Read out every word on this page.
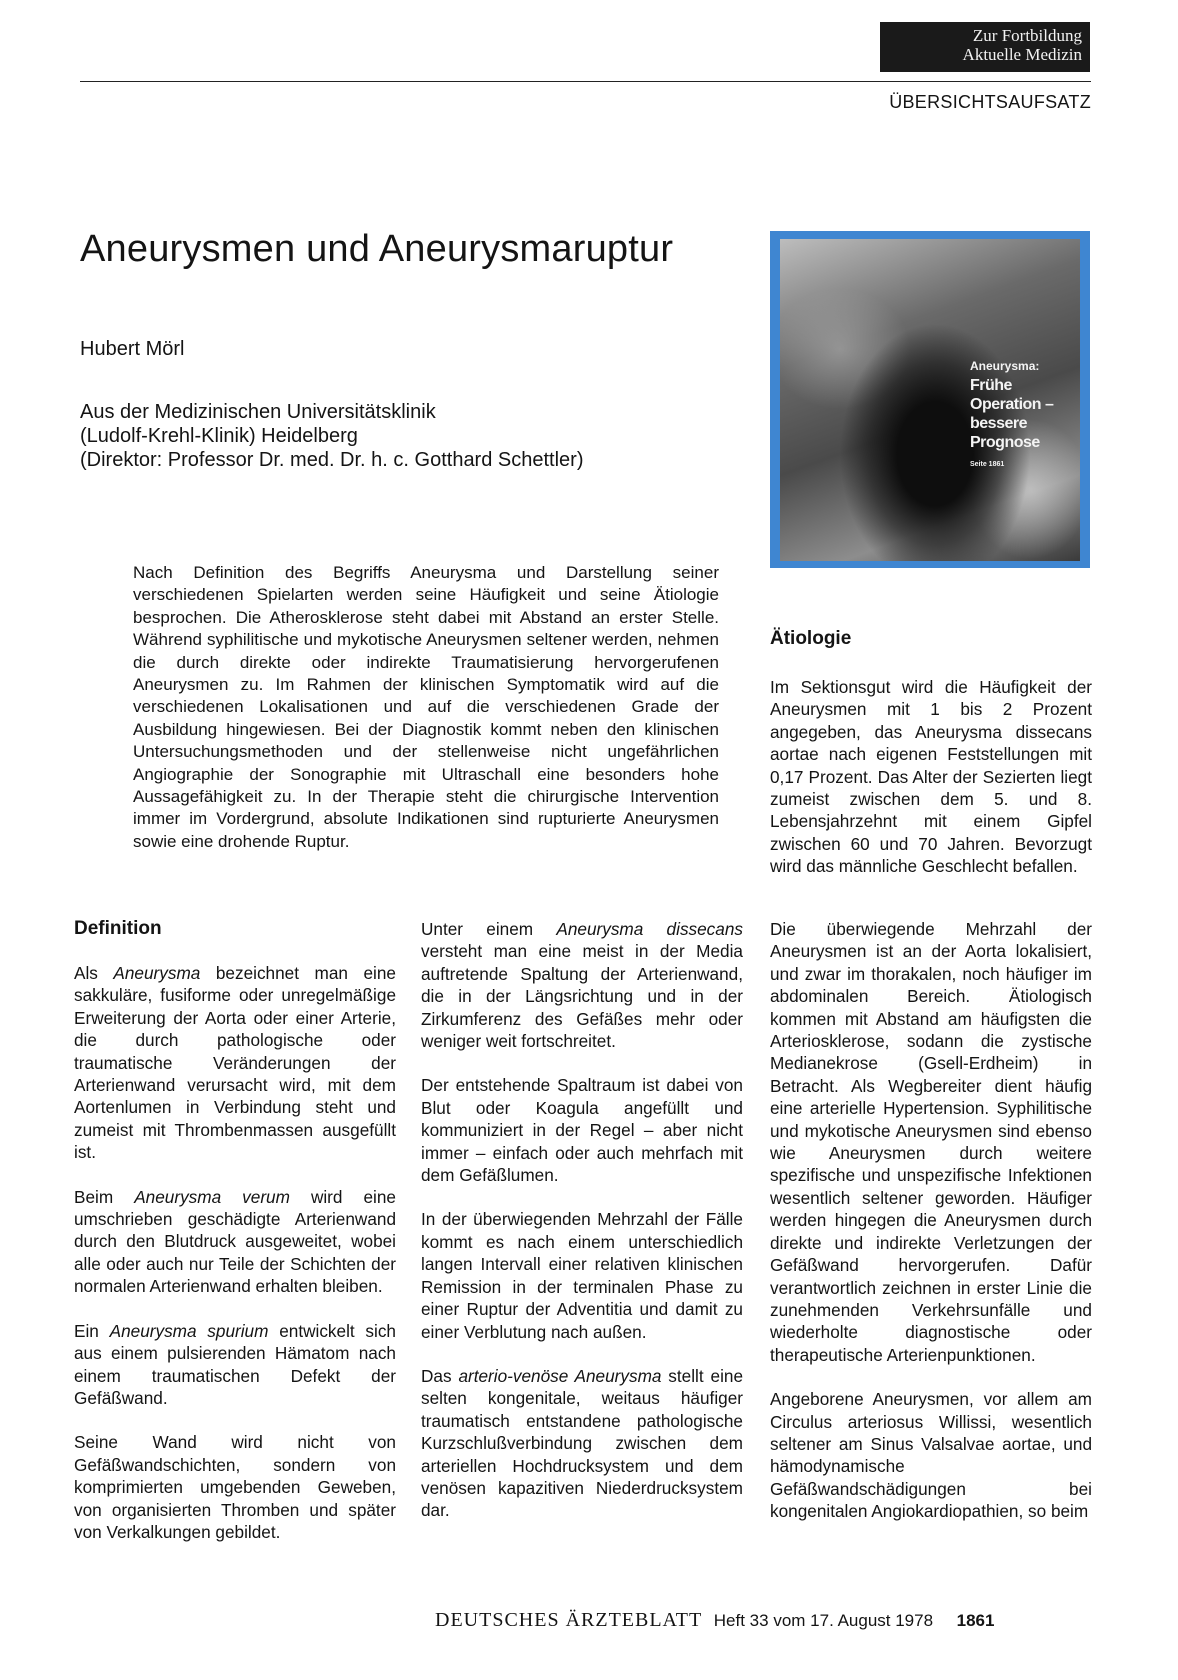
Zur Fortbildung
Aktuelle Medizin
ÜBERSICHTSAUFSATZ
Aneurysmen und Aneurysmaruptur
Hubert Mörl
Aus der Medizinischen Universitätsklinik
(Ludolf-Krehl-Klinik) Heidelberg
(Direktor: Professor Dr. med. Dr. h. c. Gotthard Schettler)
Aneurysma:
Frühe
Operation –
bessere
Prognose
Seite 1861
Nach Definition des Begriffs Aneurysma und Darstellung seiner verschiedenen Spielarten werden seine Häufigkeit und seine Ätiologie besprochen. Die Atherosklerose steht dabei mit Abstand an erster Stelle. Während syphilitische und mykotische Aneurysmen seltener werden, nehmen die durch direkte oder indirekte Traumatisierung hervorgerufenen Aneurysmen zu. Im Rahmen der klinischen Symptomatik wird auf die verschiedenen Lokalisationen und auf die verschiedenen Grade der Ausbildung hingewiesen. Bei der Diagnostik kommt neben den klinischen Untersuchungsmethoden und der stellenweise nicht ungefährlichen Angiographie der Sonographie mit Ultraschall eine besonders hohe Aussagefähigkeit zu. In der Therapie steht die chirurgische Intervention immer im Vordergrund, absolute Indikationen sind rupturierte Aneurysmen sowie eine drohende Ruptur.
Ätiologie
Im Sektionsgut wird die Häufigkeit der Aneurysmen mit 1 bis 2 Prozent angegeben, das Aneurysma dissecans aortae nach eigenen Feststellungen mit 0,17 Prozent. Das Alter der Sezierten liegt zumeist zwischen dem 5. und 8. Lebensjahrzehnt mit einem Gipfel zwischen 60 und 70 Jahren. Bevorzugt wird das männliche Geschlecht befallen.
Definition

Als Aneurysma bezeichnet man eine sakkuläre, fusiforme oder unregelmäßige Erweiterung der Aorta oder einer Arterie, die durch pathologische oder traumatische Veränderungen der Arterienwand verursacht wird, mit dem Aortenlumen in Verbindung steht und zumeist mit Thrombenmassen ausgefüllt ist.

Beim Aneurysma verum wird eine umschrieben geschädigte Arterienwand durch den Blutdruck ausgeweitet, wobei alle oder auch nur Teile der Schichten der normalen Arterienwand erhalten bleiben.

Ein Aneurysma spurium entwickelt sich aus einem pulsierenden Hämatom nach einem traumatischen Defekt der Gefäßwand.

Seine Wand wird nicht von Gefäßwandschichten, sondern von komprimierten umgebenden Geweben, von organisierten Thromben und später von Verkalkungen gebildet.

Unter einem Aneurysma dissecans versteht man eine meist in der Media auftretende Spaltung der Arterienwand, die in der Längsrichtung und in der Zirkumferenz des Gefäßes mehr oder weniger weit fortschreitet.

Der entstehende Spaltraum ist dabei von Blut oder Koagula angefüllt und kommuniziert in der Regel – aber nicht immer – einfach oder auch mehrfach mit dem Gefäßlumen.

In der überwiegenden Mehrzahl der Fälle kommt es nach einem unterschiedlich langen Intervall einer relativen klinischen Remission in der terminalen Phase zu einer Ruptur der Adventitia und damit zu einer Verblutung nach außen.

Das arterio-venöse Aneurysma stellt eine selten kongenitale, weitaus häufiger traumatisch entstandene pathologische Kurzschlußverbindung zwischen dem arteriellen Hochdrucksystem und dem venösen kapazitiven Niederdrucksystem dar.

Die überwiegende Mehrzahl der Aneurysmen ist an der Aorta lokalisiert, und zwar im thorakalen, noch häufiger im abdominalen Bereich. Ätiologisch kommen mit Abstand am häufigsten die Arteriosklerose, sodann die zystische Medianekrose (Gsell-Erdheim) in Betracht. Als Wegbereiter dient häufig eine arterielle Hypertension. Syphilitische und mykotische Aneurysmen sind ebenso wie Aneurysmen durch weitere spezifische und unspezifische Infektionen wesentlich seltener geworden. Häufiger werden hingegen die Aneurysmen durch direkte und indirekte Verletzungen der Gefäßwand hervorgerufen. Dafür verantwortlich zeichnen in erster Linie die zunehmenden Verkehrsunfälle und wiederholte diagnostische oder therapeutische Arterienpunktionen.

Angeborene Aneurysmen, vor allem am Circulus arteriosus Willissi, wesentlich seltener am Sinus Valsalvae aortae, und hämodynamische Gefäßwandschädigungen bei kongenitalen Angiokardiopathien, so beim

DEUTSCHES ÄRZTEBLATT Heft 33 vom 17. August 1978 1861
